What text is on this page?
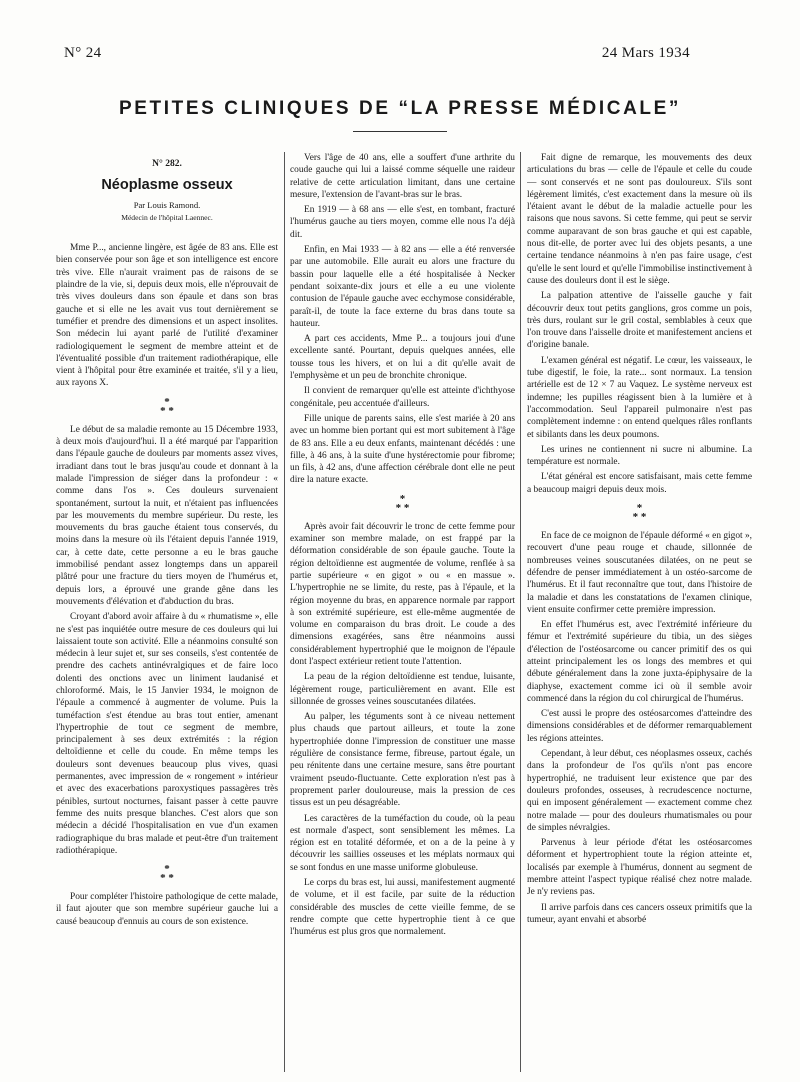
N° 24	24 Mars 1934
PETITES CLINIQUES DE “LA PRESSE MÉDICALE”

N° 282.

Néoplasme osseux

Par Louis Ramond.

Médecin de l'hôpital Laennec.

Mme P..., ancienne lingère, est âgée de 83 ans. Elle est bien conservée pour son âge et son intelligence est encore très vive. Elle n'aurait vraiment pas de raisons de se plaindre de la vie, si, depuis deux mois, elle n'éprouvait de très vives douleurs dans son épaule et dans son bras gauche et si elle ne les avait vus tout dernièrement se tuméfier et prendre des dimensions et un aspect insolites. Son médecin lui ayant parlé de l'utilité d'examiner radiologiquement le segment de membre atteint et de l'éventualité possible d'un traitement radiothérapique, elle vient à l'hôpital pour être examinée et traitée, s'il y a lieu, aux rayons X.

*
* *

Le début de sa maladie remonte au 15 Décembre 1933, à deux mois d'aujourd'hui. Il a été marqué par l'apparition dans l'épaule gauche de douleurs par moments assez vives, irradiant dans tout le bras jusqu'au coude et donnant à la malade l'impression de siéger dans la profondeur : « comme dans l'os ». Ces douleurs survenaient spontanément, surtout la nuit, et n'étaient pas influencées par les mouvements du membre supérieur. Du reste, les mouvements du bras gauche étaient tous conservés, du moins dans la mesure où ils l'étaient depuis l'année 1919, car, à cette date, cette personne a eu le bras gauche immobilisé pendant assez longtemps dans un appareil plâtré pour une fracture du tiers moyen de l'humérus et, depuis lors, a éprouvé une grande gêne dans les mouvements d'élévation et d'abduction du bras.

Croyant d'abord avoir affaire à du « rhumatisme », elle ne s'est pas inquiétée outre mesure de ces douleurs qui lui laissaient toute son activité. Elle a néanmoins consulté son médecin à leur sujet et, sur ses conseils, s'est contentée de prendre des cachets antinévralgiques et de faire loco dolenti des onctions avec un liniment laudanisé et chloroformé. Mais, le 15 Janvier 1934, le moignon de l'épaule a commencé à augmenter de volume. Puis la tuméfaction s'est étendue au bras tout entier, amenant l'hypertrophie de tout ce segment de membre, principalement à ses deux extrémités : la région deltoïdienne et celle du coude. En même temps les douleurs sont devenues beaucoup plus vives, quasi permanentes, avec impression de « rongement » intérieur et avec des exacerbations paroxystiques passagères très pénibles, surtout nocturnes, faisant passer à cette pauvre femme des nuits presque blanches. C'est alors que son médecin a décidé l'hospitalisation en vue d'un examen radiographique du bras malade et peut-être d'un traitement radiothérapique.

*
* *

Pour compléter l'histoire pathologique de cette malade, il faut ajouter que son membre supérieur gauche lui a causé beaucoup d'ennuis au cours de son existence.

Vers l'âge de 40 ans, elle a souffert d'une arthrite du coude gauche qui lui a laissé comme séquelle une raideur relative de cette articulation limitant, dans une certaine mesure, l'extension de l'avant-bras sur le bras.

En 1919 — à 68 ans — elle s'est, en tombant, fracturé l'humérus gauche au tiers moyen, comme elle nous l'a déjà dit.

Enfin, en Mai 1933 — à 82 ans — elle a été renversée par une automobile. Elle aurait eu alors une fracture du bassin pour laquelle elle a été hospitalisée à Necker pendant soixante-dix jours et elle a eu une violente contusion de l'épaule gauche avec ecchymose considérable, paraît-il, de toute la face externe du bras dans toute sa hauteur.

A part ces accidents, Mme P... a toujours joui d'une excellente santé. Pourtant, depuis quelques années, elle tousse tous les hivers, et on lui a dit qu'elle avait de l'emphysème et un peu de bronchite chronique.

Il convient de remarquer qu'elle est atteinte d'ichthyose congénitale, peu accentuée d'ailleurs.

Fille unique de parents sains, elle s'est mariée à 20 ans avec un homme bien portant qui est mort subitement à l'âge de 83 ans. Elle a eu deux enfants, maintenant décédés : une fille, à 46 ans, à la suite d'une hystérectomie pour fibrome; un fils, à 42 ans, d'une affection cérébrale dont elle ne peut dire la nature exacte.

*
* *

Après avoir fait découvrir le tronc de cette femme pour examiner son membre malade, on est frappé par la déformation considérable de son épaule gauche. Toute la région deltoïdienne est augmentée de volume, renflée à sa partie supérieure « en gigot » ou « en massue ». L'hypertrophie ne se limite, du reste, pas à l'épaule, et la région moyenne du bras, en apparence normale par rapport à son extrémité supérieure, est elle-même augmentée de volume en comparaison du bras droit. Le coude a des dimensions exagérées, sans être néanmoins aussi considérablement hypertrophié que le moignon de l'épaule dont l'aspect extérieur retient toute l'attention.

La peau de la région deltoïdienne est tendue, luisante, légèrement rouge, particulièrement en avant. Elle est sillonnée de grosses veines souscutanées dilatées.

Au palper, les téguments sont à ce niveau nettement plus chauds que partout ailleurs, et toute la zone hypertrophiée donne l'impression de constituer une masse régulière de consistance ferme, fibreuse, partout égale, un peu rénitente dans une certaine mesure, sans être pourtant vraiment pseudo-fluctuante. Cette exploration n'est pas à proprement parler douloureuse, mais la pression de ces tissus est un peu désagréable.

Les caractères de la tuméfaction du coude, où la peau est normale d'aspect, sont sensiblement les mêmes. La région est en totalité déformée, et on a de la peine à y découvrir les saillies osseuses et les méplats normaux qui se sont fondus en une masse uniforme globuleuse.

Le corps du bras est, lui aussi, manifestement augmenté de volume, et il est facile, par suite de la réduction considérable des muscles de cette vieille femme, de se rendre compte que cette hypertrophie tient à ce que l'humérus est plus gros que normalement.

Fait digne de remarque, les mouvements des deux articulations du bras — celle de l'épaule et celle du coude — sont conservés et ne sont pas douloureux. S'ils sont légèrement limités, c'est exactement dans la mesure où ils l'étaient avant le début de la maladie actuelle pour les raisons que nous savons. Si cette femme, qui peut se servir comme auparavant de son bras gauche et qui est capable, nous dit-elle, de porter avec lui des objets pesants, a une certaine tendance néanmoins à n'en pas faire usage, c'est qu'elle le sent lourd et qu'elle l'immobilise instinctivement à cause des douleurs dont il est le siège.

La palpation attentive de l'aisselle gauche y fait découvrir deux tout petits ganglions, gros comme un pois, très durs, roulant sur le gril costal, semblables à ceux que l'on trouve dans l'aisselle droite et manifestement anciens et d'origine banale.

L'examen général est négatif. Le cœur, les vaisseaux, le tube digestif, le foie, la rate... sont normaux. La tension artérielle est de 12 × 7 au Vaquez. Le système nerveux est indemne; les pupilles réagissent bien à la lumière et à l'accommodation. Seul l'appareil pulmonaire n'est pas complètement indemne : on entend quelques râles ronflants et sibilants dans les deux poumons.

Les urines ne contiennent ni sucre ni albumine. La température est normale.

L'état général est encore satisfaisant, mais cette femme a beaucoup maigri depuis deux mois.

*
* *

En face de ce moignon de l'épaule déformé « en gigot », recouvert d'une peau rouge et chaude, sillonnée de nombreuses veines souscutanées dilatées, on ne peut se défendre de penser immédiatement à un ostéo-sarcome de l'humérus. Et il faut reconnaître que tout, dans l'histoire de la maladie et dans les constatations de l'examen clinique, vient ensuite confirmer cette première impression.

En effet l'humérus est, avec l'extrémité inférieure du fémur et l'extrémité supérieure du tibia, un des sièges d'élection de l'ostéosarcome ou cancer primitif des os qui atteint principalement les os longs des membres et qui débute généralement dans la zone juxta-épiphysaire de la diaphyse, exactement comme ici où il semble avoir commencé dans la région du col chirurgical de l'humérus.

C'est aussi le propre des ostéosarcomes d'atteindre des dimensions considérables et de déformer remarquablement les régions atteintes.

Cependant, à leur début, ces néoplasmes osseux, cachés dans la profondeur de l'os qu'ils n'ont pas encore hypertrophié, ne traduisent leur existence que par des douleurs profondes, osseuses, à recrudescence nocturne, qui en imposent généralement — exactement comme chez notre malade — pour des douleurs rhumatismales ou pour de simples névralgies.

Parvenus à leur période d'état les ostéosarcomes déforment et hypertrophient toute la région atteinte et, localisés par exemple à l'humérus, donnent au segment de membre atteint l'aspect typique réalisé chez notre malade. Je n'y reviens pas.

Il arrive parfois dans ces cancers osseux primitifs que la tumeur, ayant envahi et absorbé
